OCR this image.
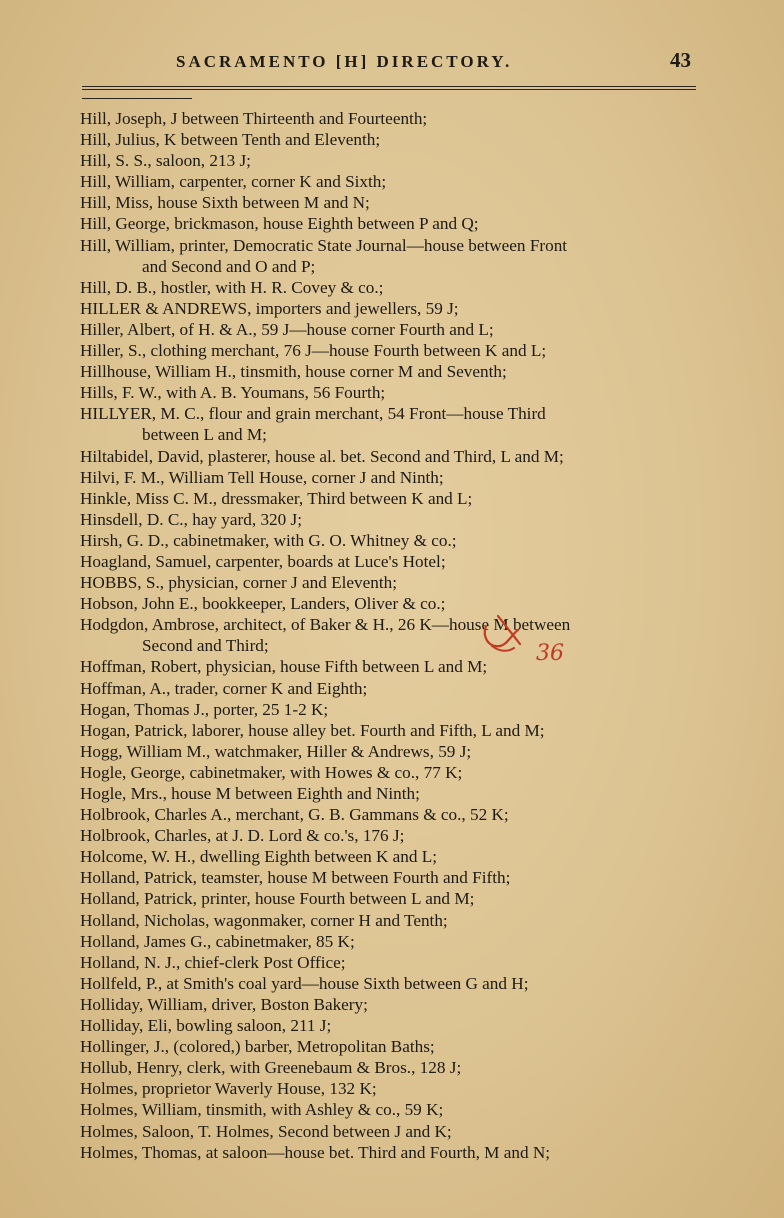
SACRAMENTO [H] DIRECTORY.	43

Hill, Joseph, J between Thirteenth and Fourteenth;

Hill, Julius, K between Tenth and Eleventh;

Hill, S. S., saloon, 213 J;

Hill, William, carpenter, corner K and Sixth;

Hill, Miss, house Sixth between M and N;

Hill, George, brickmason, house Eighth between P and Q;

Hill, William, printer, Democratic State Journal—house between Front

and Second and O and P;

Hill, D. B., hostler, with H. R. Covey & co.;

HILLER & ANDREWS, importers and jewellers, 59 J;

Hiller, Albert, of H. & A., 59 J—house corner Fourth and L;

Hiller, S., clothing merchant, 76 J—house Fourth between K and L;

Hillhouse, William H., tinsmith, house corner M and Seventh;

Hills, F. W., with A. B. Youmans, 56 Fourth;

HILLYER, M. C., flour and grain merchant, 54 Front—house Third

between L and M;

Hiltabidel, David, plasterer, house al. bet. Second and Third, L and M;

Hilvi, F. M., William Tell House, corner J and Ninth;

Hinkle, Miss C. M., dressmaker, Third between K and L;

Hinsdell, D. C., hay yard, 320 J;

Hirsh, G. D., cabinetmaker, with G. O. Whitney & co.;

Hoagland, Samuel, carpenter, boards at Luce's Hotel;

HOBBS, S., physician, corner J and Eleventh;

Hobson, John E., bookkeeper, Landers, Oliver & co.;

Hodgdon, Ambrose, architect, of Baker & H., 26 K—house M between

Second and Third;

Hoffman, Robert, physician, house Fifth between L and M;

Hoffman, A., trader, corner K and Eighth;

Hogan, Thomas J., porter, 25 1-2 K;

Hogan, Patrick, laborer, house alley bet. Fourth and Fifth, L and M;

Hogg, William M., watchmaker, Hiller & Andrews, 59 J;

Hogle, George, cabinetmaker, with Howes & co., 77 K;

Hogle, Mrs., house M between Eighth and Ninth;

Holbrook, Charles A., merchant, G. B. Gammans & co., 52 K;

Holbrook, Charles, at J. D. Lord & co.'s, 176 J;

Holcome, W. H., dwelling Eighth between K and L;

Holland, Patrick, teamster, house M between Fourth and Fifth;

Holland, Patrick, printer, house Fourth between L and M;

Holland, Nicholas, wagonmaker, corner H and Tenth;

Holland, James G., cabinetmaker, 85 K;

Holland, N. J., chief-clerk Post Office;

Hollfeld, P., at Smith's coal yard—house Sixth between G and H;

Holliday, William, driver, Boston Bakery;

Holliday, Eli, bowling saloon, 211 J;

Hollinger, J., (colored,) barber, Metropolitan Baths;

Hollub, Henry, clerk, with Greenebaum & Bros., 128 J;

Holmes, proprietor Waverly House, 132 K;

Holmes, William, tinsmith, with Ashley & co., 59 K;

Holmes, Saloon, T. Holmes, Second between J and K;

Holmes, Thomas, at saloon—house bet. Third and Fourth, M and N;

36
